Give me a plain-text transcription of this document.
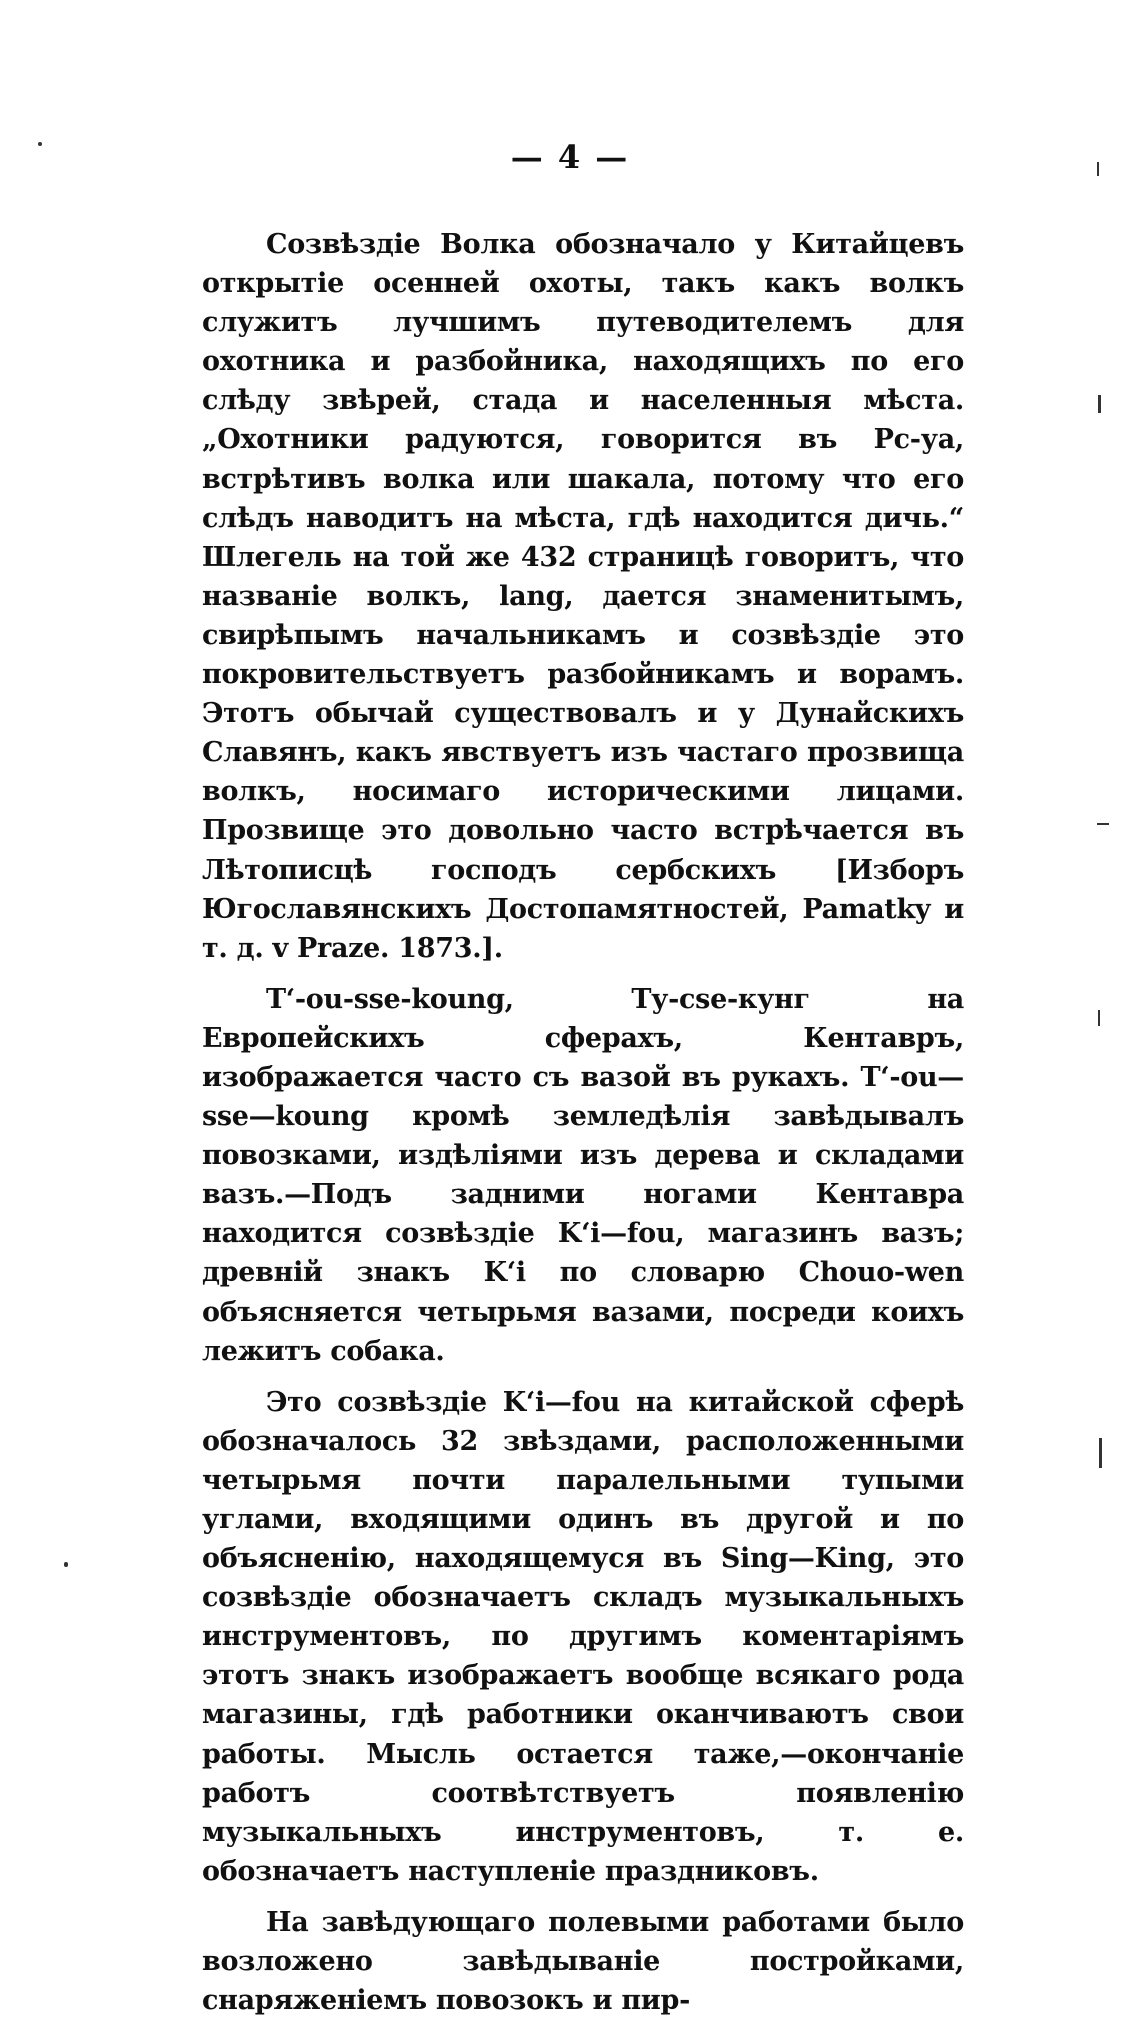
— 4 —

Созвѣздіе Волка обозначало у Китайцевъ открытіе осенней охоты, такъ какъ волкъ служитъ лучшимъ путеводителемъ для охотника и разбойника, находящихъ по его слѣду звѣрей, стада и населенныя мѣста. „Охотники радуются, говорится въ Рс-уа, встрѣтивъ волка или шакала, потому что его слѣдъ наводитъ на мѣста, гдѣ находится дичь.“ Шлегель на той же 432 страницѣ говоритъ, что названіе волкъ, lang, дается знаменитымъ, свирѣпымъ начальникамъ и созвѣздіе это покровительствуетъ разбойникамъ и ворамъ. Этотъ обычай существовалъ и у Дунайскихъ Славянъ, какъ явствуетъ изъ частаго прозвища волкъ, носимаго историческими лицами. Прозвище это довольно часто встрѣчается въ Лѣтописцѣ господъ сербскихъ [Изборъ Югославянскихъ Достопамятностей, Pamatky и т. д. v Praze. 1873.].

T‘-ou-sse-koung, Ту-сsе-кунг на Европейскихъ сферахъ, Кентавръ, изображается часто съ вазой въ рукахъ. T‘-ou—sse—koung кромѣ земледѣлія завѣдывалъ повозками, издѣліями изъ дерева и складами вазъ.—Подъ задними ногами Кентавра находится созвѣздіе K‘i—fou, магазинъ вазъ; древній знакъ K‘i по словарю Chouo-wen объясняется четырьмя вазами, посреди коихъ лежитъ собака.

Это созвѣздіе K‘i—fou на китайской сферѣ обозначалось 32 звѣздами, расположенными четырьмя почти паралельными тупыми углами, входящими одинъ въ другой и по объясненію, находящемуся въ Sing—King, это созвѣздіе обозначаетъ складъ музыкальныхъ инструментовъ, по другимъ коментаріямъ этотъ знакъ изображаетъ вообще всякаго рода магазины, гдѣ работники оканчиваютъ свои работы. Мысль остается таже,—окончаніе работъ соотвѣтствуетъ появленію музыкальныхъ инструментовъ, т. е. обозначаетъ наступленіе праздниковъ.

На завѣдующаго полевыми работами было возложено завѣдываніе постройками, снаряженіемъ повозокъ и пир-
